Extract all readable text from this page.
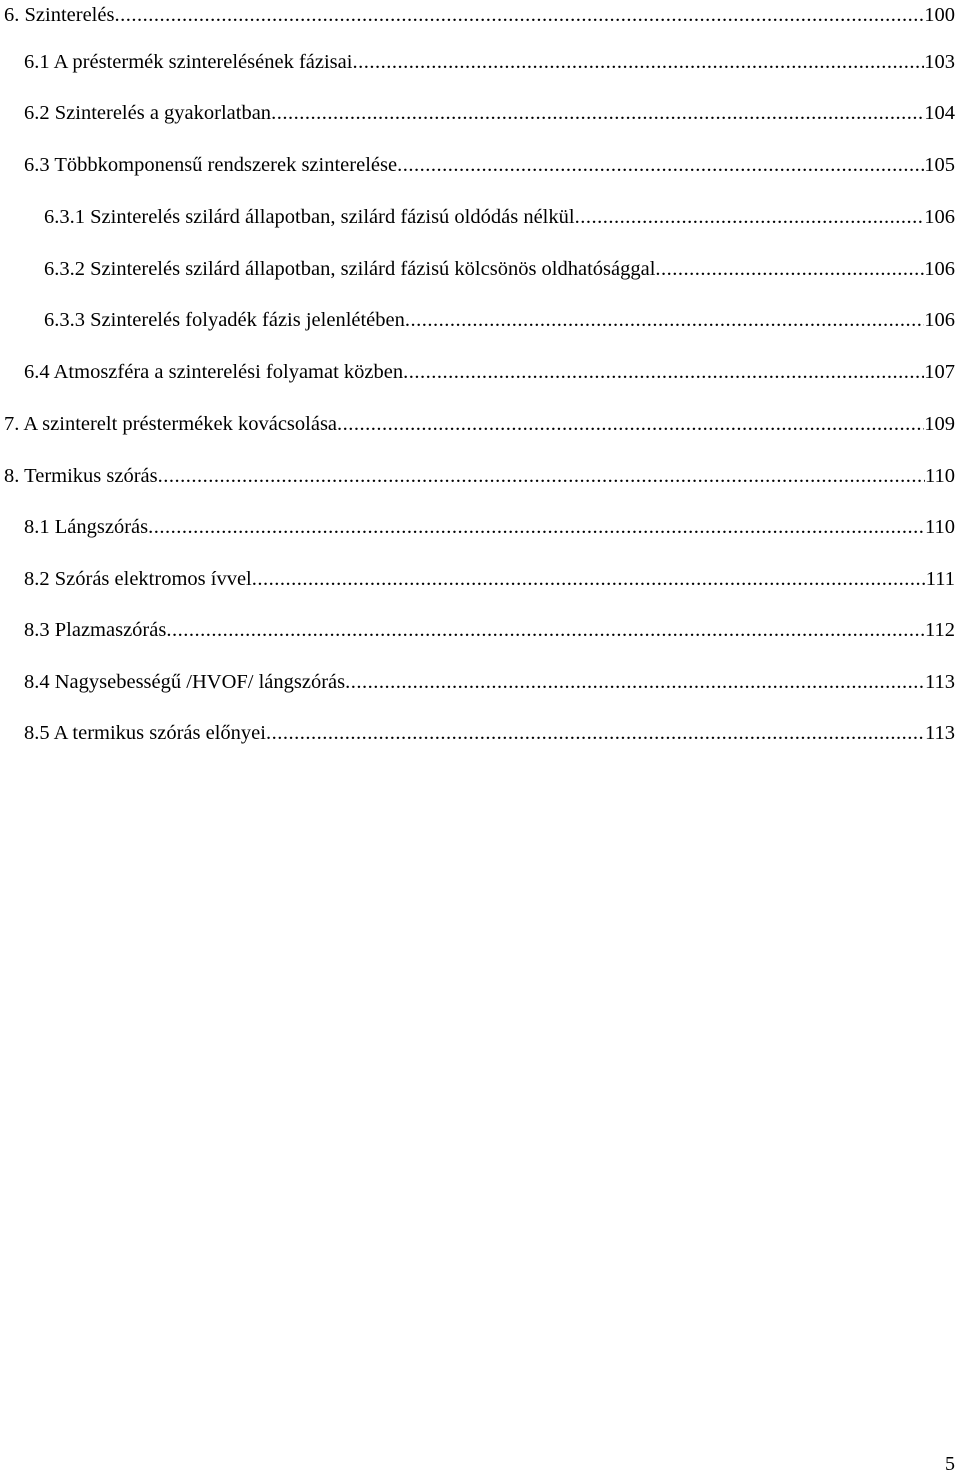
6. Szinterelés .....	100
6.1 A préstermék szinterelésének fázisai .....	103
6.2 Szinterelés a gyakorlatban .....	104
6.3 Többkomponensű rendszerek szinterelése .....	105
6.3.1 Szinterelés szilárd állapotban, szilárd fázisú oldódás nélkül .....	106
6.3.2 Szinterelés szilárd állapotban, szilárd fázisú kölcsönös oldhatósággal .....	106
6.3.3 Szinterelés folyadék fázis jelenlétében .....	106
6.4 Atmoszféra a szinterelési folyamat közben .....	107
7. A szinterelt préstermékek kovácsolása .....	109
8. Termikus szórás .....	110
8.1 Lángszórás .....	110
8.2 Szórás elektromos ívvel .....	111
8.3 Plazmaszórás .....	112
8.4 Nagysebességű /HVOF/ lángszórás .....	113
8.5 A termikus szórás előnyei .....	113
5
